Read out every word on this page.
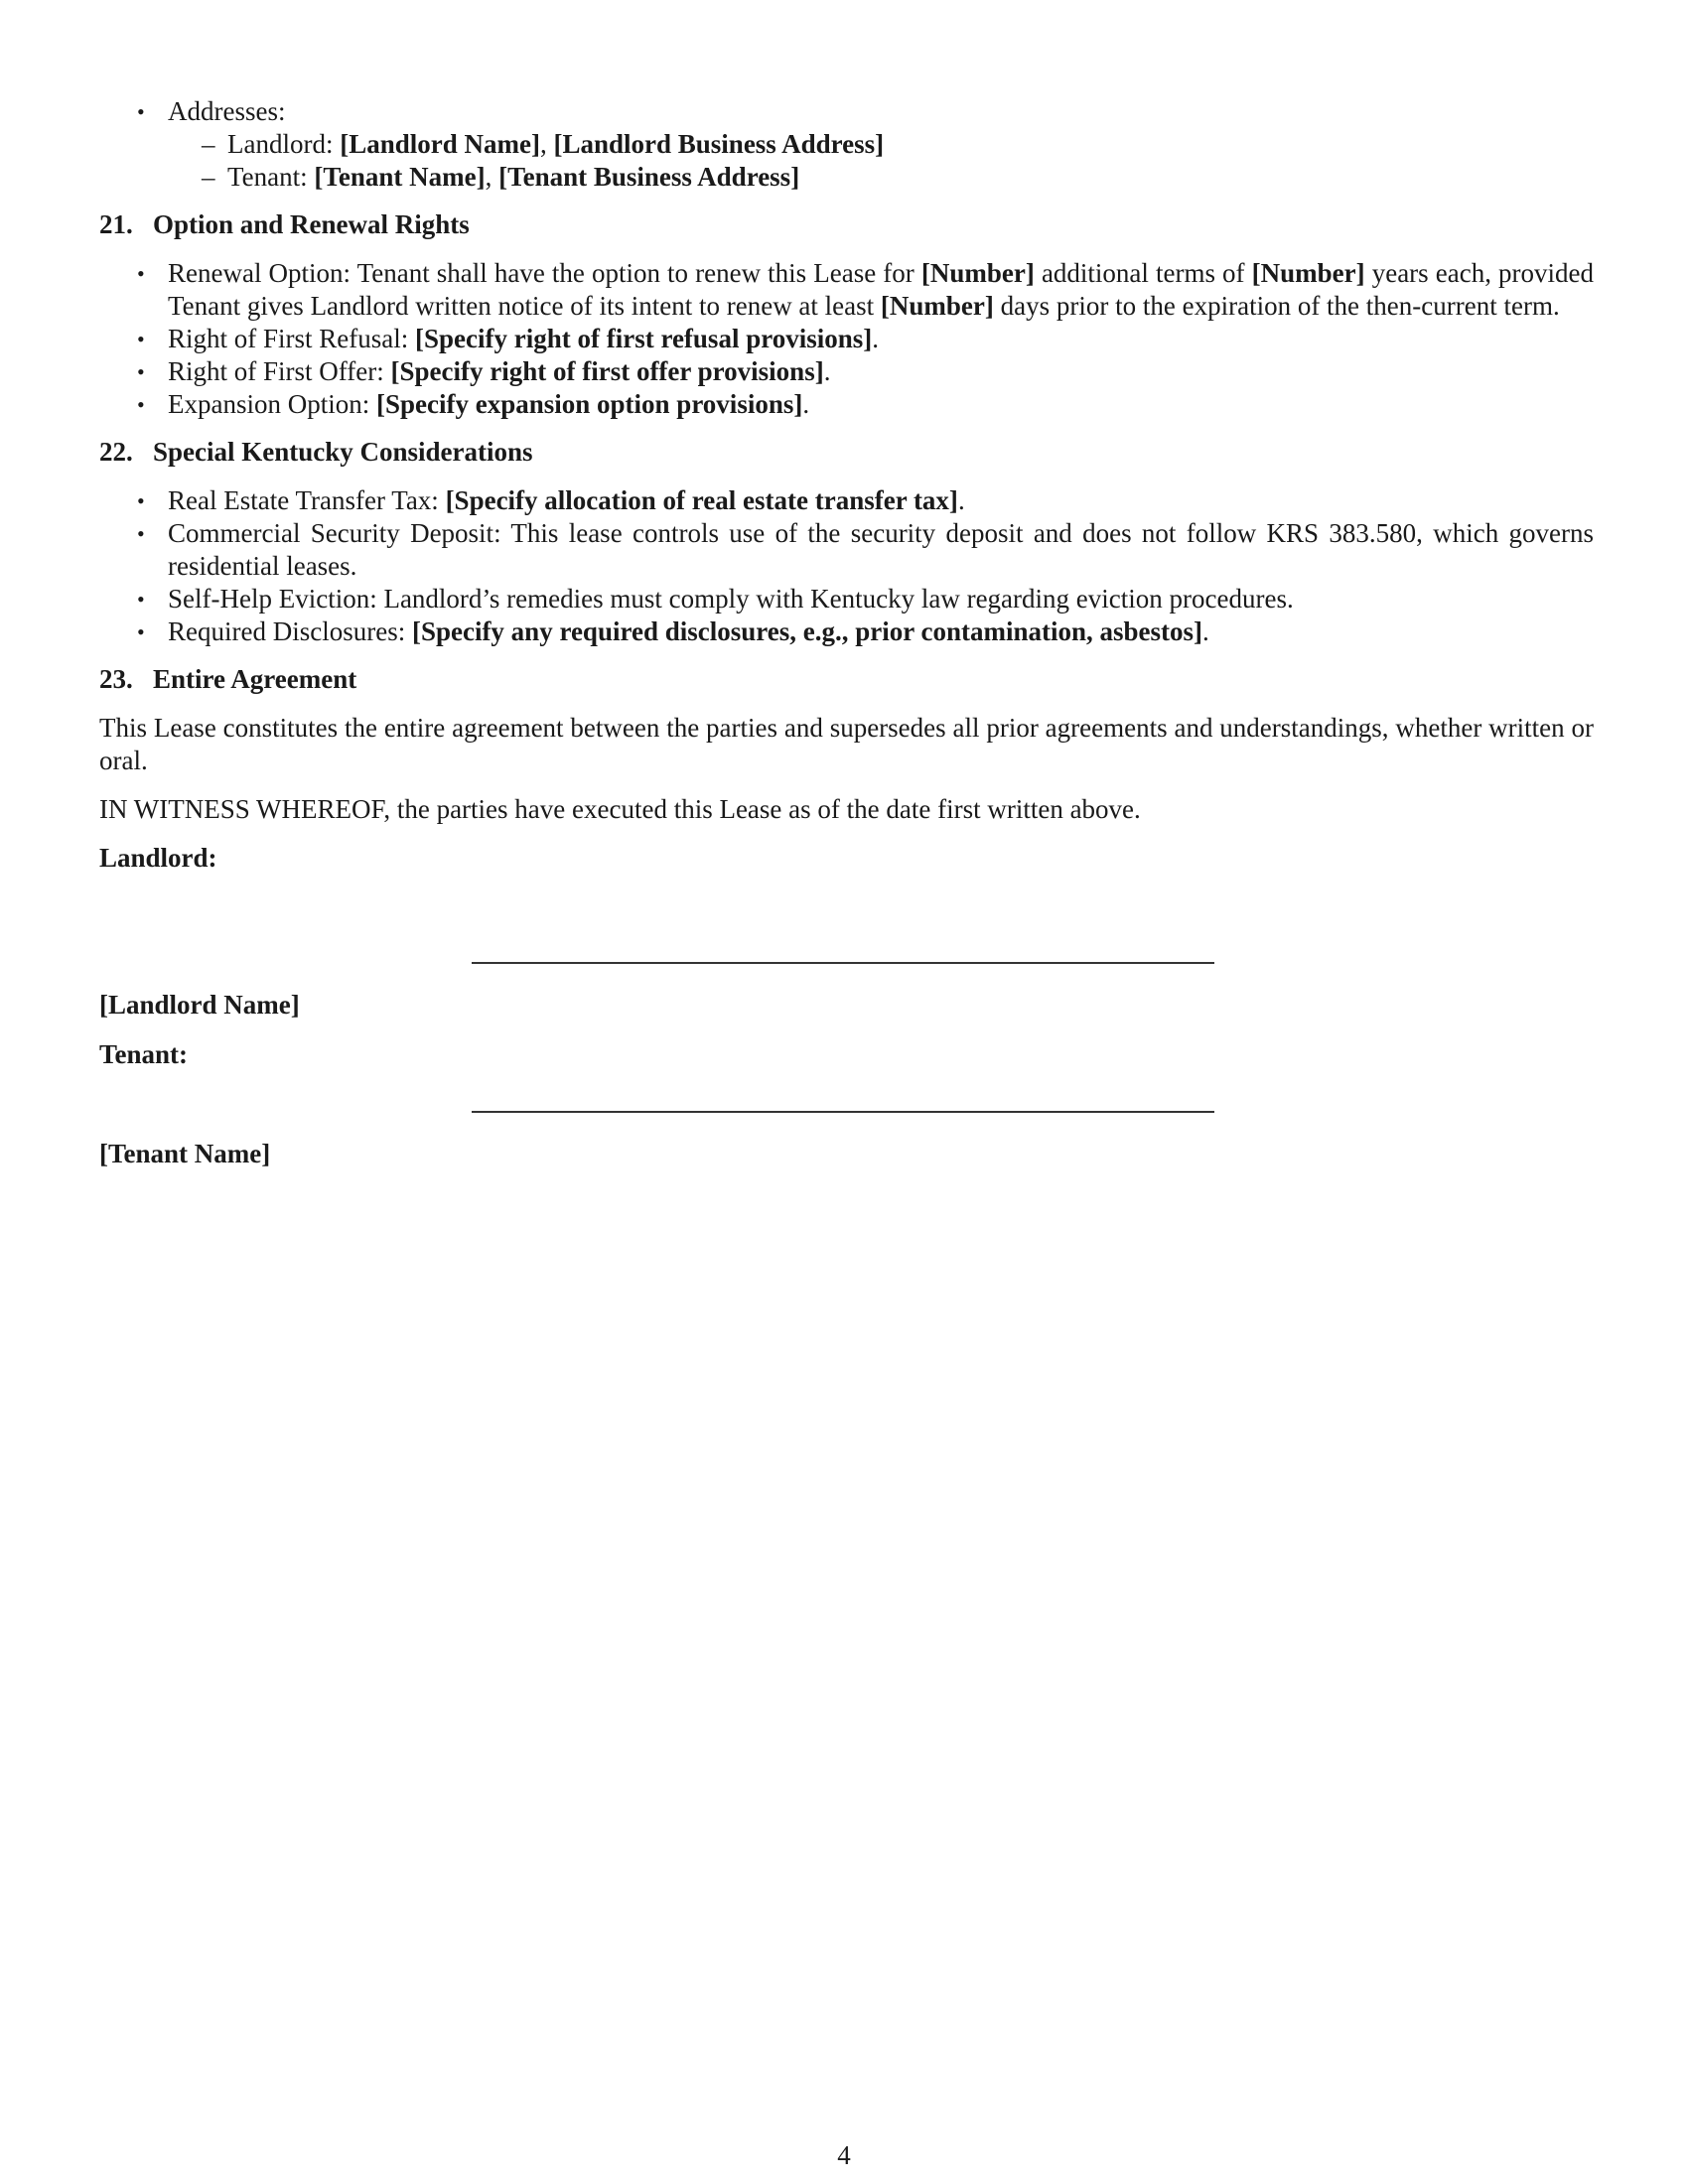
• Addresses:
– Landlord: [Landlord Name], [Landlord Business Address]
– Tenant: [Tenant Name], [Tenant Business Address]
21. Option and Renewal Rights
• Renewal Option: Tenant shall have the option to renew this Lease for [Number] additional terms of [Number] years each, provided Tenant gives Landlord written notice of its intent to renew at least [Number] days prior to the expiration of the then-current term.
• Right of First Refusal: [Specify right of first refusal provisions].
• Right of First Offer: [Specify right of first offer provisions].
• Expansion Option: [Specify expansion option provisions].
22. Special Kentucky Considerations
• Real Estate Transfer Tax: [Specify allocation of real estate transfer tax].
• Commercial Security Deposit: This lease controls use of the security deposit and does not follow KRS 383.580, which governs residential leases.
• Self-Help Eviction: Landlord’s remedies must comply with Kentucky law regarding eviction procedures.
• Required Disclosures: [Specify any required disclosures, e.g., prior contamination, asbestos].
23. Entire Agreement

This Lease constitutes the entire agreement between the parties and supersedes all prior agreements and understandings, whether written or oral.

IN WITNESS WHEREOF, the parties have executed this Lease as of the date first written above.

Landlord:

[Landlord Name]

Tenant:

[Tenant Name]

4
